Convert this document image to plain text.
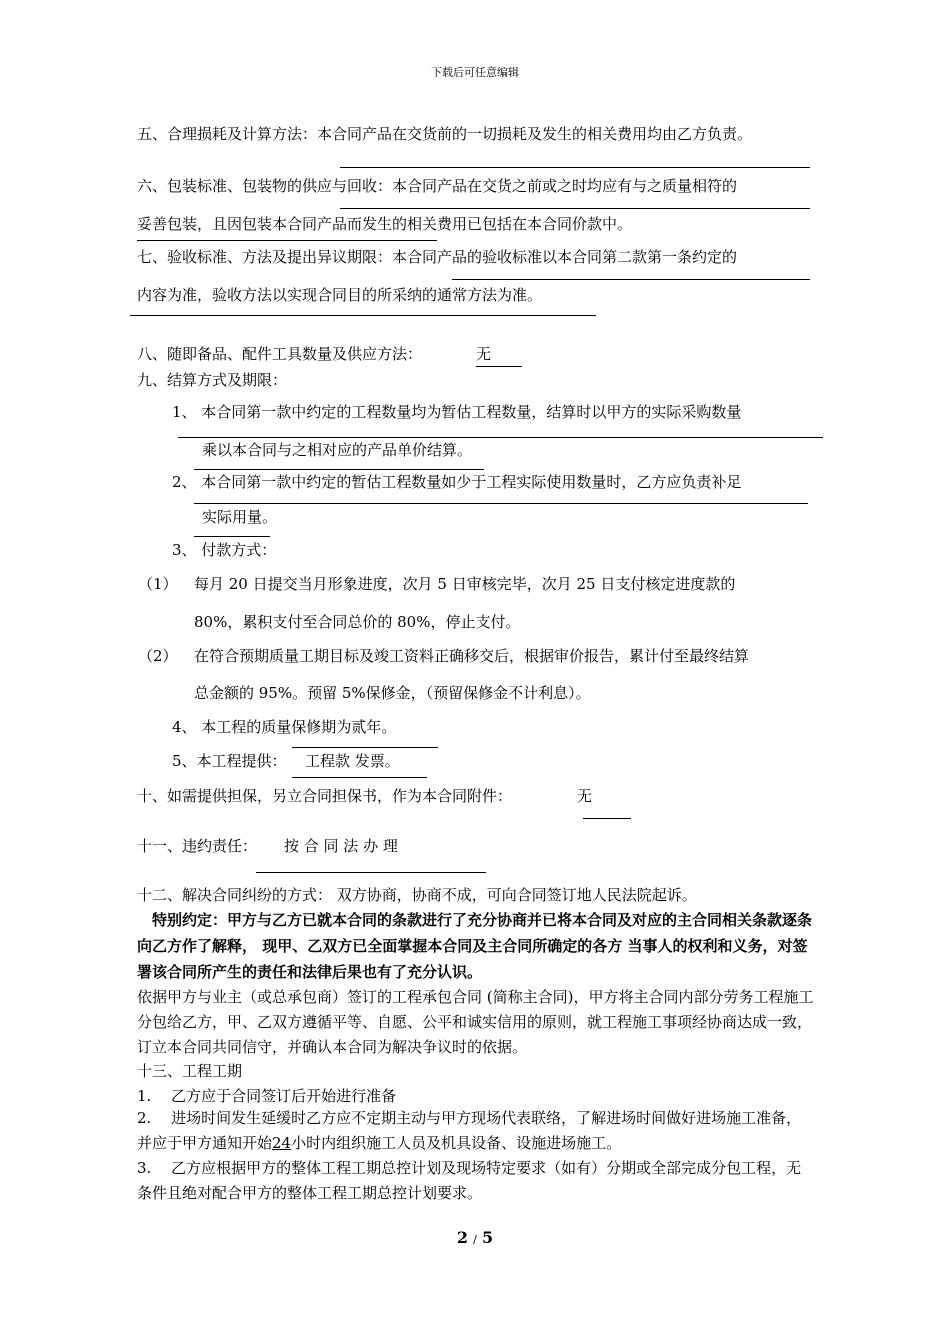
下载后可任意编辑
五、合理损耗及计算方法：本合同产品在交货前的一切损耗及发生的相关费用均由乙方负责。
六、包装标准、包装物的供应与回收：本合同产品在交货之前或之时均应有与之质量相符的
妥善包装，且因包装本合同产品而发生的相关费用已包括在本合同价款中。
七、验收标准、方法及提出异议期限：本合同产品的验收标准以本合同第二款第一条约定的
内容为准，验收方法以实现合同目的所采纳的通常方法为准。
八、随即备品、配件工具数量及供应方法：	无
九、结算方式及期限：
1、 本合同第一款中约定的工程数量均为暂估工程数量，结算时以甲方的实际采购数量
乘以本合同与之相对应的产品单价结算。
2、 本合同第一款中约定的暂估工程数量如少于工程实际使用数量时，乙方应负责补足
实际用量。
3、 付款方式：
（1） 每月 20 日提交当月形象进度，次月 5 日审核完毕，次月 25 日支付核定进度款的
80%，累积支付至合同总价的 80%，停止支付。
（2） 在符合预期质量工期目标及竣工资料正确移交后，根据审价报告，累计付至最终结算
总金额的 95%。预留 5%保修金，（预留保修金不计利息）。
4、 本工程的质量保修期为贰年。
5、本工程提供： 工程款 发票。
十、如需提供担保，另立合同担保书，作为本合同附件：	无
十一、违约责任： 按 合 同 法 办 理
十二、解决合同纠纷的方式： 双方协商，协商不成，可向合同签订地人民法院起诉。
特别约定：甲方与乙方已就本合同的条款进行了充分协商并已将本合同及对应的主合同相关条款逐条向乙方作了解释， 现甲、乙双方已全面掌握本合同及主合同所确定的各方 当事人的权利和义务，对签署该合同所产生的责任和法律后果也有了充分认识。
依据甲方与业主（或总承包商）签订的工程承包合同 (简称主合同)，甲方将主合同内部分劳务工程施工分包给乙方，甲、乙双方遵循平等、自愿、公平和诚实信用的原则，就工程施工事项经协商达成一致，订立本合同共同信守，并确认本合同为解决争议时的依据。
十三、工程工期
1.　 乙方应于合同签订后开始进行准备
2.　 进场时间发生延缓时乙方应不定期主动与甲方现场代表联络，了解进场时间做好进场施工准备，并应于甲方通知开始24小时内组织施工人员及机具设备、设施进场施工。
3.　 乙方应根据甲方的整体工程工期总控计划及现场特定要求（如有）分期或全部完成分包工程，无条件且绝对配合甲方的整体工程工期总控计划要求。
2 / 5
